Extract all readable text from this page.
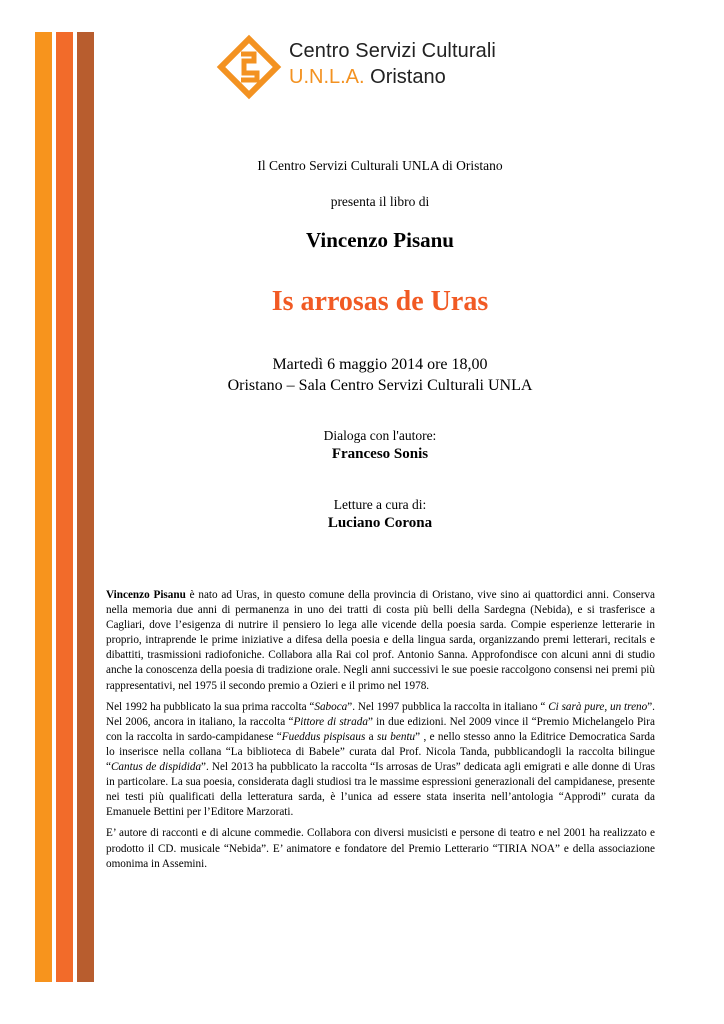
Centro Servizi Culturali
U.N.L.A. Oristano
Il Centro Servizi Culturali UNLA di Oristano
presenta il libro di
Vincenzo Pisanu
Is arrosas de Uras
Martedì 6 maggio 2014 ore 18,00
Oristano – Sala Centro Servizi Culturali UNLA
Dialoga con l'autore:
Franceso Sonis
Letture a cura di:
Luciano Corona

Vincenzo Pisanu è nato ad Uras, in questo comune della provincia di Oristano, vive sino ai quattordici anni. Conserva nella memoria due anni di permanenza in uno dei tratti di costa più belli della Sardegna (Nebida), e si trasferisce a Cagliari, dove l’esigenza di nutrire il pensiero lo lega alle vicende della poesia sarda. Compie esperienze letterarie in proprio, intraprende le prime iniziative a difesa della poesia e della lingua sarda, organizzando premi letterari, recitals e dibattiti, trasmissioni radiofoniche. Collabora alla Rai col prof. Antonio Sanna. Approfondisce con alcuni anni di studio anche la conoscenza della poesia di tradizione orale. Negli anni successivi le sue poesie raccolgono consensi nei premi più rappresentativi, nel 1975 il secondo premio a Ozieri e il primo nel 1978.

Nel 1992 ha pubblicato la sua prima raccolta “Saboca”. Nel 1997 pubblica la raccolta in italiano “ Ci sarà pure, un treno”. Nel 2006, ancora in italiano, la raccolta “Pittore di strada” in due edizioni. Nel 2009 vince il “Premio Michelangelo Pira con la raccolta in sardo-campidanese “Fueddus pispisaus a su bentu” , e nello stesso anno la Editrice Democratica Sarda lo inserisce nella collana “La biblioteca di Babele” curata dal Prof. Nicola Tanda, pubblicandogli la raccolta bilingue “Cantus de dispidida”. Nel 2013 ha pubblicato la raccolta “Is arrosas de Uras” dedicata agli emigrati e alle donne di Uras in particolare. La sua poesia, considerata dagli studiosi tra le massime espressioni generazionali del campidanese, presente nei testi più qualificati della letteratura sarda, è l’unica ad essere stata inserita nell’antologia “Approdi” curata da Emanuele Bettini per l’Editore Marzorati.

E’ autore di racconti e di alcune commedie. Collabora con diversi musicisti e persone di teatro e nel 2001 ha realizzato e prodotto il CD. musicale “Nebida”. E’ animatore e fondatore del Premio Letterario “TIRIA NOA” e della associazione omonima in Assemini.
